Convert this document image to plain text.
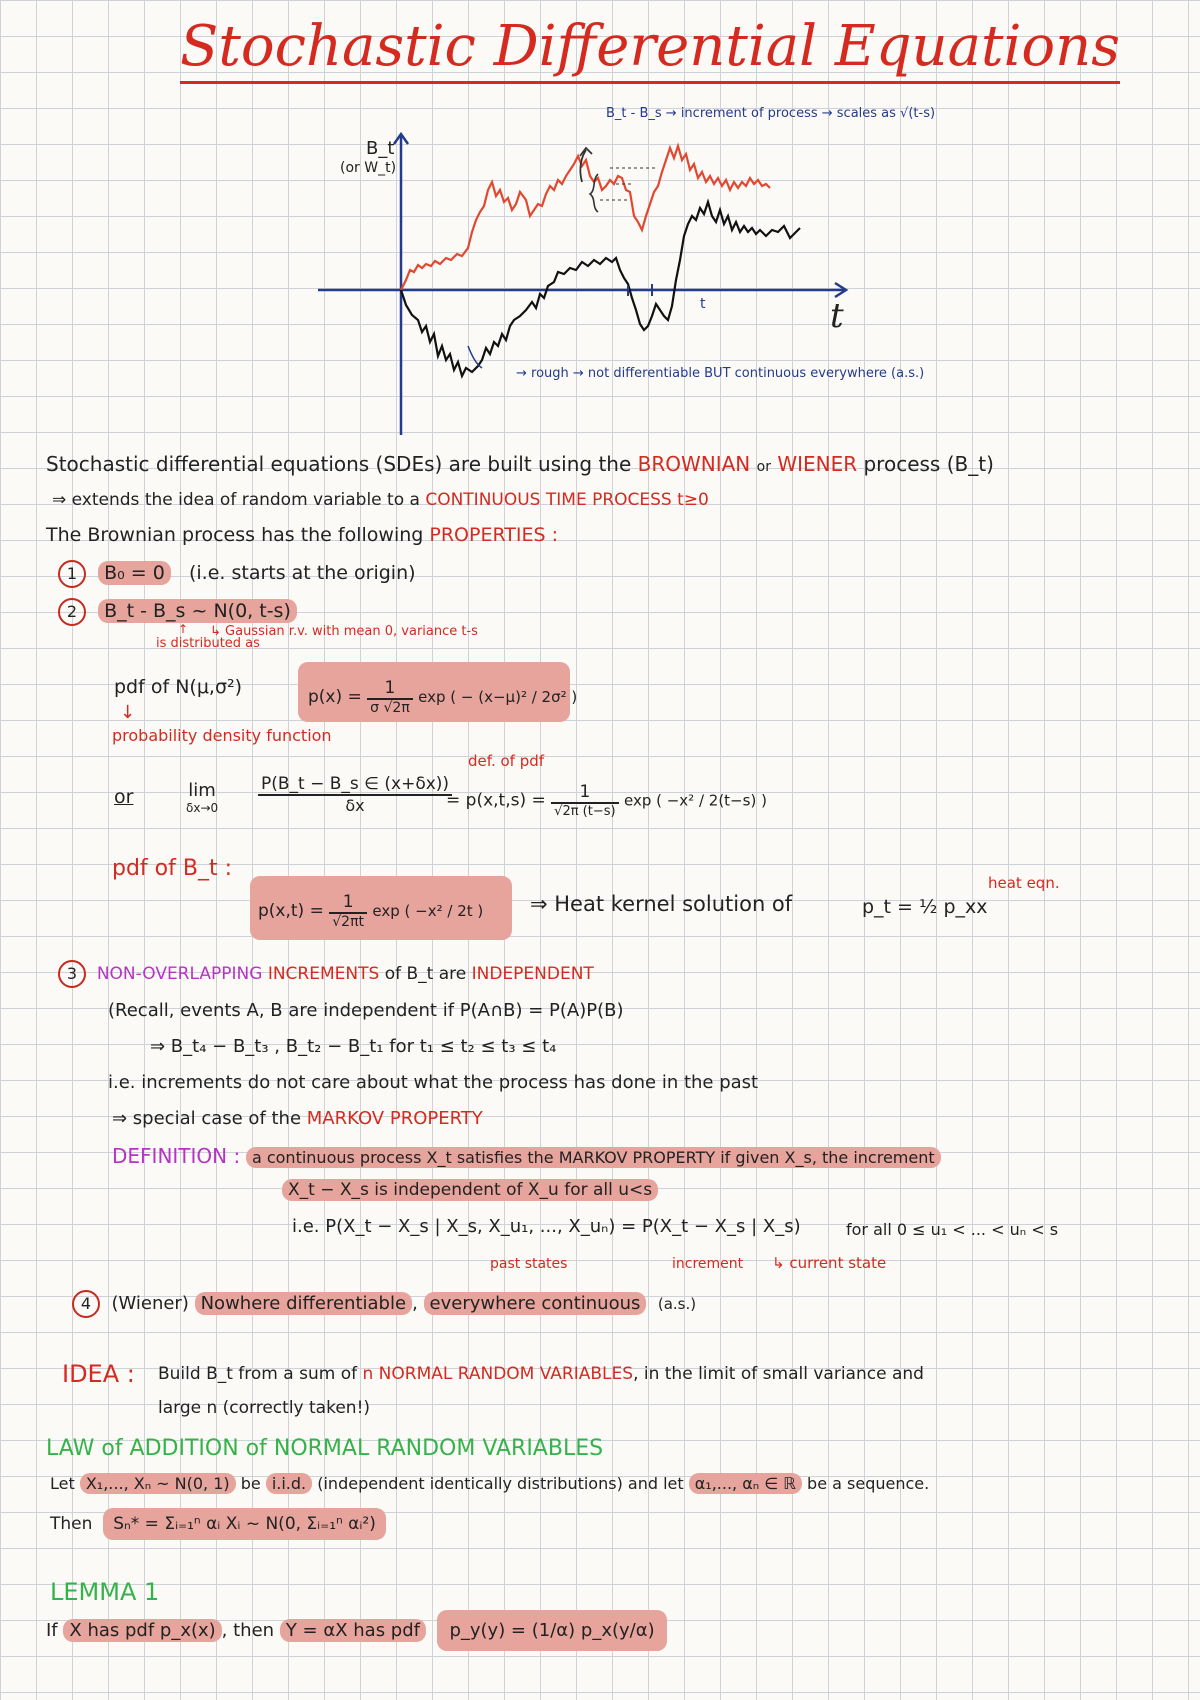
Stochastic Differential Equations
B_t
(or W_t)
t
B_t - B_s → increment of process → scales as √(t-s)
t
→ rough → not differentiable BUT continuous everywhere (a.s.)
Stochastic differential equations (SDEs) are built using the BROWNIAN or WIENER process (B_t)
⇒ extends the idea of random variable to a CONTINUOUS TIME PROCESS t≥0
The Brownian process has the following PROPERTIES :
1 B₀ = 0 (i.e. starts at the origin)
2 B_t - B_s ~ N(0, t-s)
↑ ↳ Gaussian r.v. with mean 0, variance t-s
is distributed as
pdf of N(μ,σ²)	$p(x) = \frac{1}{\sigma √2\pi}$ exp ( − (x−μ)² / 2σ² )
↓
probability density function
or	lim
$\delta x\to 0 \frac{P(B\_t - B\_s \in (x+\delta x))}{\delta x}$
def. of pdf
= $p(x,t,s) = \frac{1}{√2\pi (t-s)}$ exp ( −x² / 2(t−s) )
pdf of B_t :
$p(x,t) = \frac{1}{√2\pi t}$ exp ( −x² / 2t ) ⇒ Heat kernel solution of	p_t = ½ p_xx
heat eqn.
3 NON-OVERLAPPING INCREMENTS of B_t are INDEPENDENT
(Recall, events A, B are independent if P(A∩B) = P(A)P(B)
⇒ B_t₄ − B_t₃ , B_t₂ − B_t₁ for t₁ ≤ t₂ ≤ t₃ ≤ t₄
i.e. increments do not care about what the process has done in the past
⇒ special case of the MARKOV PROPERTY
DEFINITION : a continuous process X_t satisfies the MARKOV PROPERTY if given X_s, the increment
X_t − X_s is independent of X_u for all u<s
i.e. P(X_t − X_s | X_s, X_u₁, ..., X_uₙ) = P(X_t − X_s | X_s)	for all 0 ≤ u₁ < ... < uₙ < s
past states	increment ↳ current state
4 (Wiener) Nowhere differentiable , everywhere continuous (a.s.)
IDEA : Build B_t from a sum of n NORMAL RANDOM VARIABLES, in the limit of small variance and
large n (correctly taken!)
LAW of ADDITION of NORMAL RANDOM VARIABLES
Let X₁,..., Xₙ ~ N(0, 1) be i.i.d. (independent identically distributions) and let α₁,..., αₙ ∈ ℝ be a sequence.
Then Sₙ* = Σᵢ₌₁ⁿ αᵢ Xᵢ ~ N(0, Σᵢ₌₁ⁿ αᵢ²)
LEMMA 1
If X has pdf p_x(x) , then Y = αX has pdf p_y(y) = (1/α) p_x(y/α)
